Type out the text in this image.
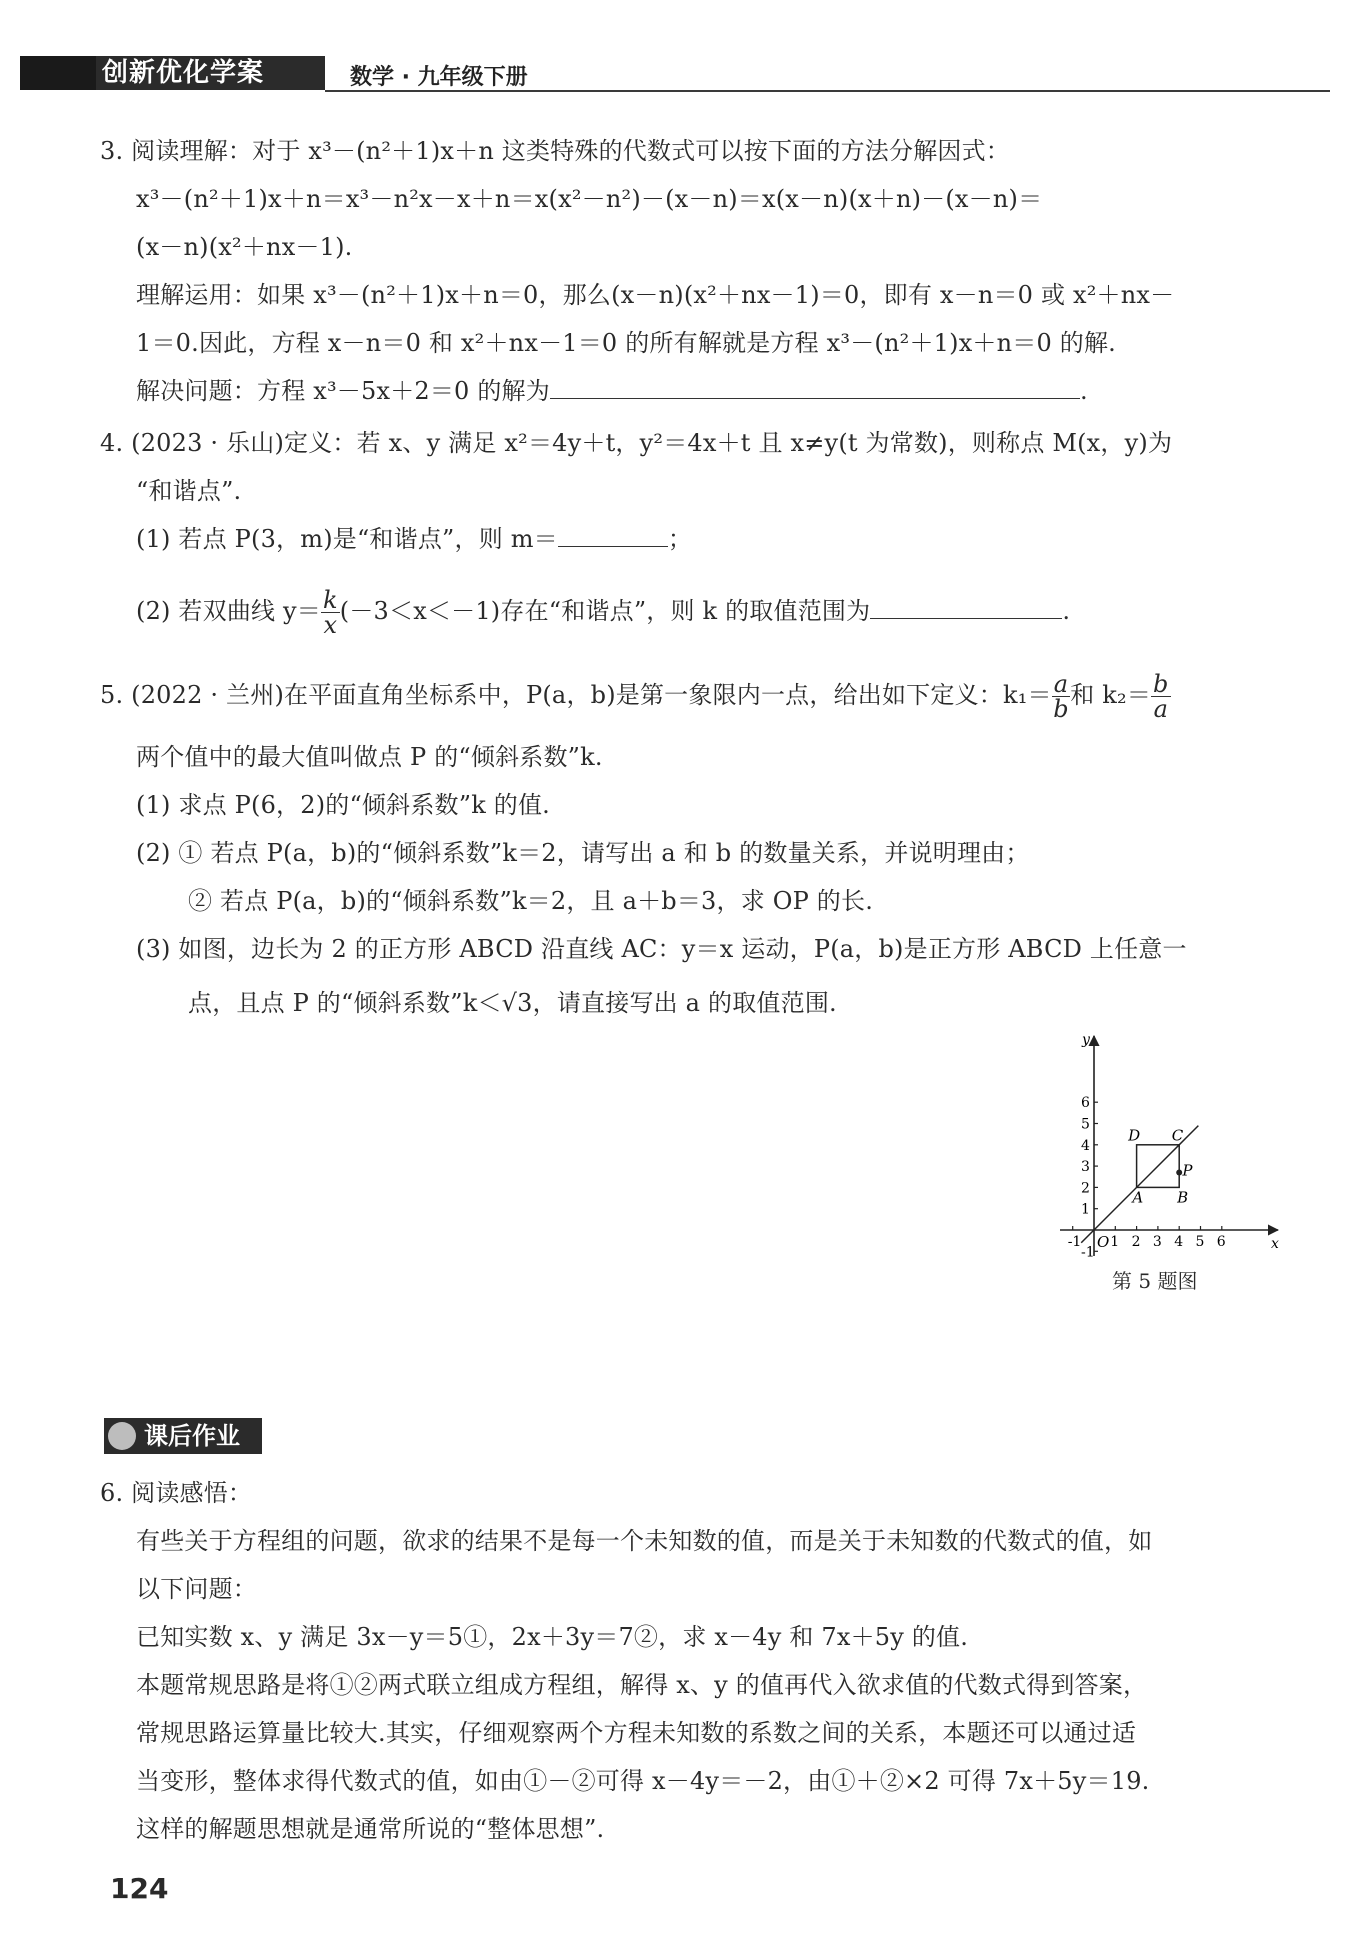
创新优化学案	数学 · 九年级下册
3. 阅读理解：对于 x³－(n²＋1)x＋n 这类特殊的代数式可以按下面的方法分解因式：
x³－(n²＋1)x＋n＝x³－n²x－x＋n＝x(x²－n²)－(x－n)＝x(x－n)(x＋n)－(x－n)＝
(x－n)(x²＋nx－1).
理解运用：如果 x³－(n²＋1)x＋n＝0，那么(x－n)(x²＋nx－1)＝0，即有 x－n＝0 或 x²＋nx－
1＝0.因此，方程 x－n＝0 和 x²＋nx－1＝0 的所有解就是方程 x³－(n²＋1)x＋n＝0 的解.
解决问题：方程 x³－5x＋2＝0 的解为	.
4. (2023 · 乐山)定义：若 x、y 满足 x²＝4y＋t，y²＝4x＋t 且 x≠y(t 为常数)，则称点 M(x，y)为
“和谐点”.
(1) 若点 P(3，m)是“和谐点”，则 m＝	；
(2) 若双曲线 $y= \frac{k}{x} (-3<x<-1)$存在“和谐点”，则 k 的取值范围为	.
5. (2022 · 兰州)在平面直角坐标系中，P(a，b)是第一象限内一点，给出如下定义：$k_1= \frac{a}{b}$ 和 $k_2= \frac{b}{a}$
两个值中的最大值叫做点 P 的“倾斜系数”k.
(1) 求点 P(6，2)的“倾斜系数”k 的值.
(2) ① 若点 P(a，b)的“倾斜系数”k＝2，请写出 a 和 b 的数量关系，并说明理由；
② 若点 P(a，b)的“倾斜系数”k＝2，且 a＋b＝3，求 OP 的长.
(3) 如图，边长为 2 的正方形 ABCD 沿直线 AC：y＝x 运动，P(a，b)是正方形 ABCD 上任意一
点，且点 P 的“倾斜系数”k＜√3，请直接写出 a 的取值范围.
-1 1 2 3 4 5 6
-1
1
2
3
4
5
6
x
y
O
A B
C
D
P
第 5 题图
课后作业
6. 阅读感悟：
有些关于方程组的问题，欲求的结果不是每一个未知数的值，而是关于未知数的代数式的值，如
以下问题：
已知实数 x、y 满足 3x－y＝5①，2x＋3y＝7②，求 x－4y 和 7x＋5y 的值.
本题常规思路是将①②两式联立组成方程组，解得 x、y 的值再代入欲求值的代数式得到答案，
常规思路运算量比较大.其实，仔细观察两个方程未知数的系数之间的关系，本题还可以通过适
当变形，整体求得代数式的值，如由①－②可得 x－4y＝－2，由①＋②×2 可得 7x＋5y＝19.
这样的解题思想就是通常所说的“整体思想”.
124
